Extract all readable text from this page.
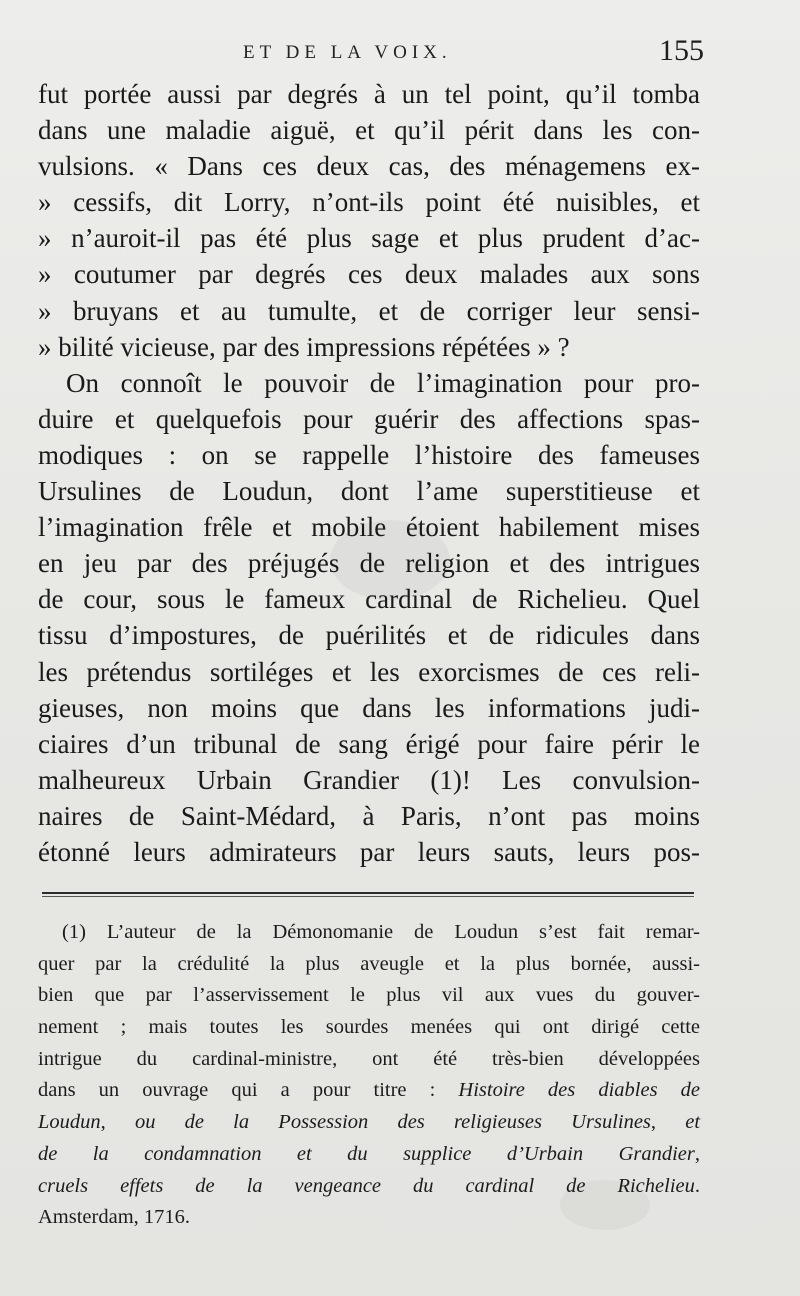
ET DE LA VOIX.	155
fut portée aussi par degrés à un tel point, qu’il tomba
dans une maladie aiguë, et qu’il périt dans les con-
vulsions. « Dans ces deux cas, des ménagemens ex-
» cessifs, dit Lorry, n’ont-ils point été nuisibles, et
» n’auroit-il pas été plus sage et plus prudent d’ac-
» coutumer par degrés ces deux malades aux sons
» bruyans et au tumulte, et de corriger leur sensi-
» bilité vicieuse, par des impressions répétées » ?
On connoît le pouvoir de l’imagination pour pro-
duire et quelquefois pour guérir des affections spas-
modiques : on se rappelle l’histoire des fameuses
Ursulines de Loudun, dont l’ame superstitieuse et
l’imagination frêle et mobile étoient habilement mises
en jeu par des préjugés de religion et des intrigues
de cour, sous le fameux cardinal de Richelieu. Quel
tissu d’impostures, de puérilités et de ridicules dans
les prétendus sortiléges et les exorcismes de ces reli-
gieuses, non moins que dans les informations judi-
ciaires d’un tribunal de sang érigé pour faire périr le
malheureux Urbain Grandier (1)! Les convulsion-
naires de Saint-Médard, à Paris, n’ont pas moins
étonné leurs admirateurs par leurs sauts, leurs pos-
(1) L’auteur de la Démonomanie de Loudun s’est fait remar-
quer par la crédulité la plus aveugle et la plus bornée, aussi-
bien que par l’asservissement le plus vil aux vues du gouver-
nement ; mais toutes les sourdes menées qui ont dirigé cette
intrigue du cardinal-ministre, ont été très-bien développées
dans un ouvrage qui a pour titre : Histoire des diables de
Loudun, ou de la Possession des religieuses Ursulines, et
de la condamnation et du supplice d’Urbain Grandier,
cruels effets de la vengeance du cardinal de Richelieu.
Amsterdam, 1716.
